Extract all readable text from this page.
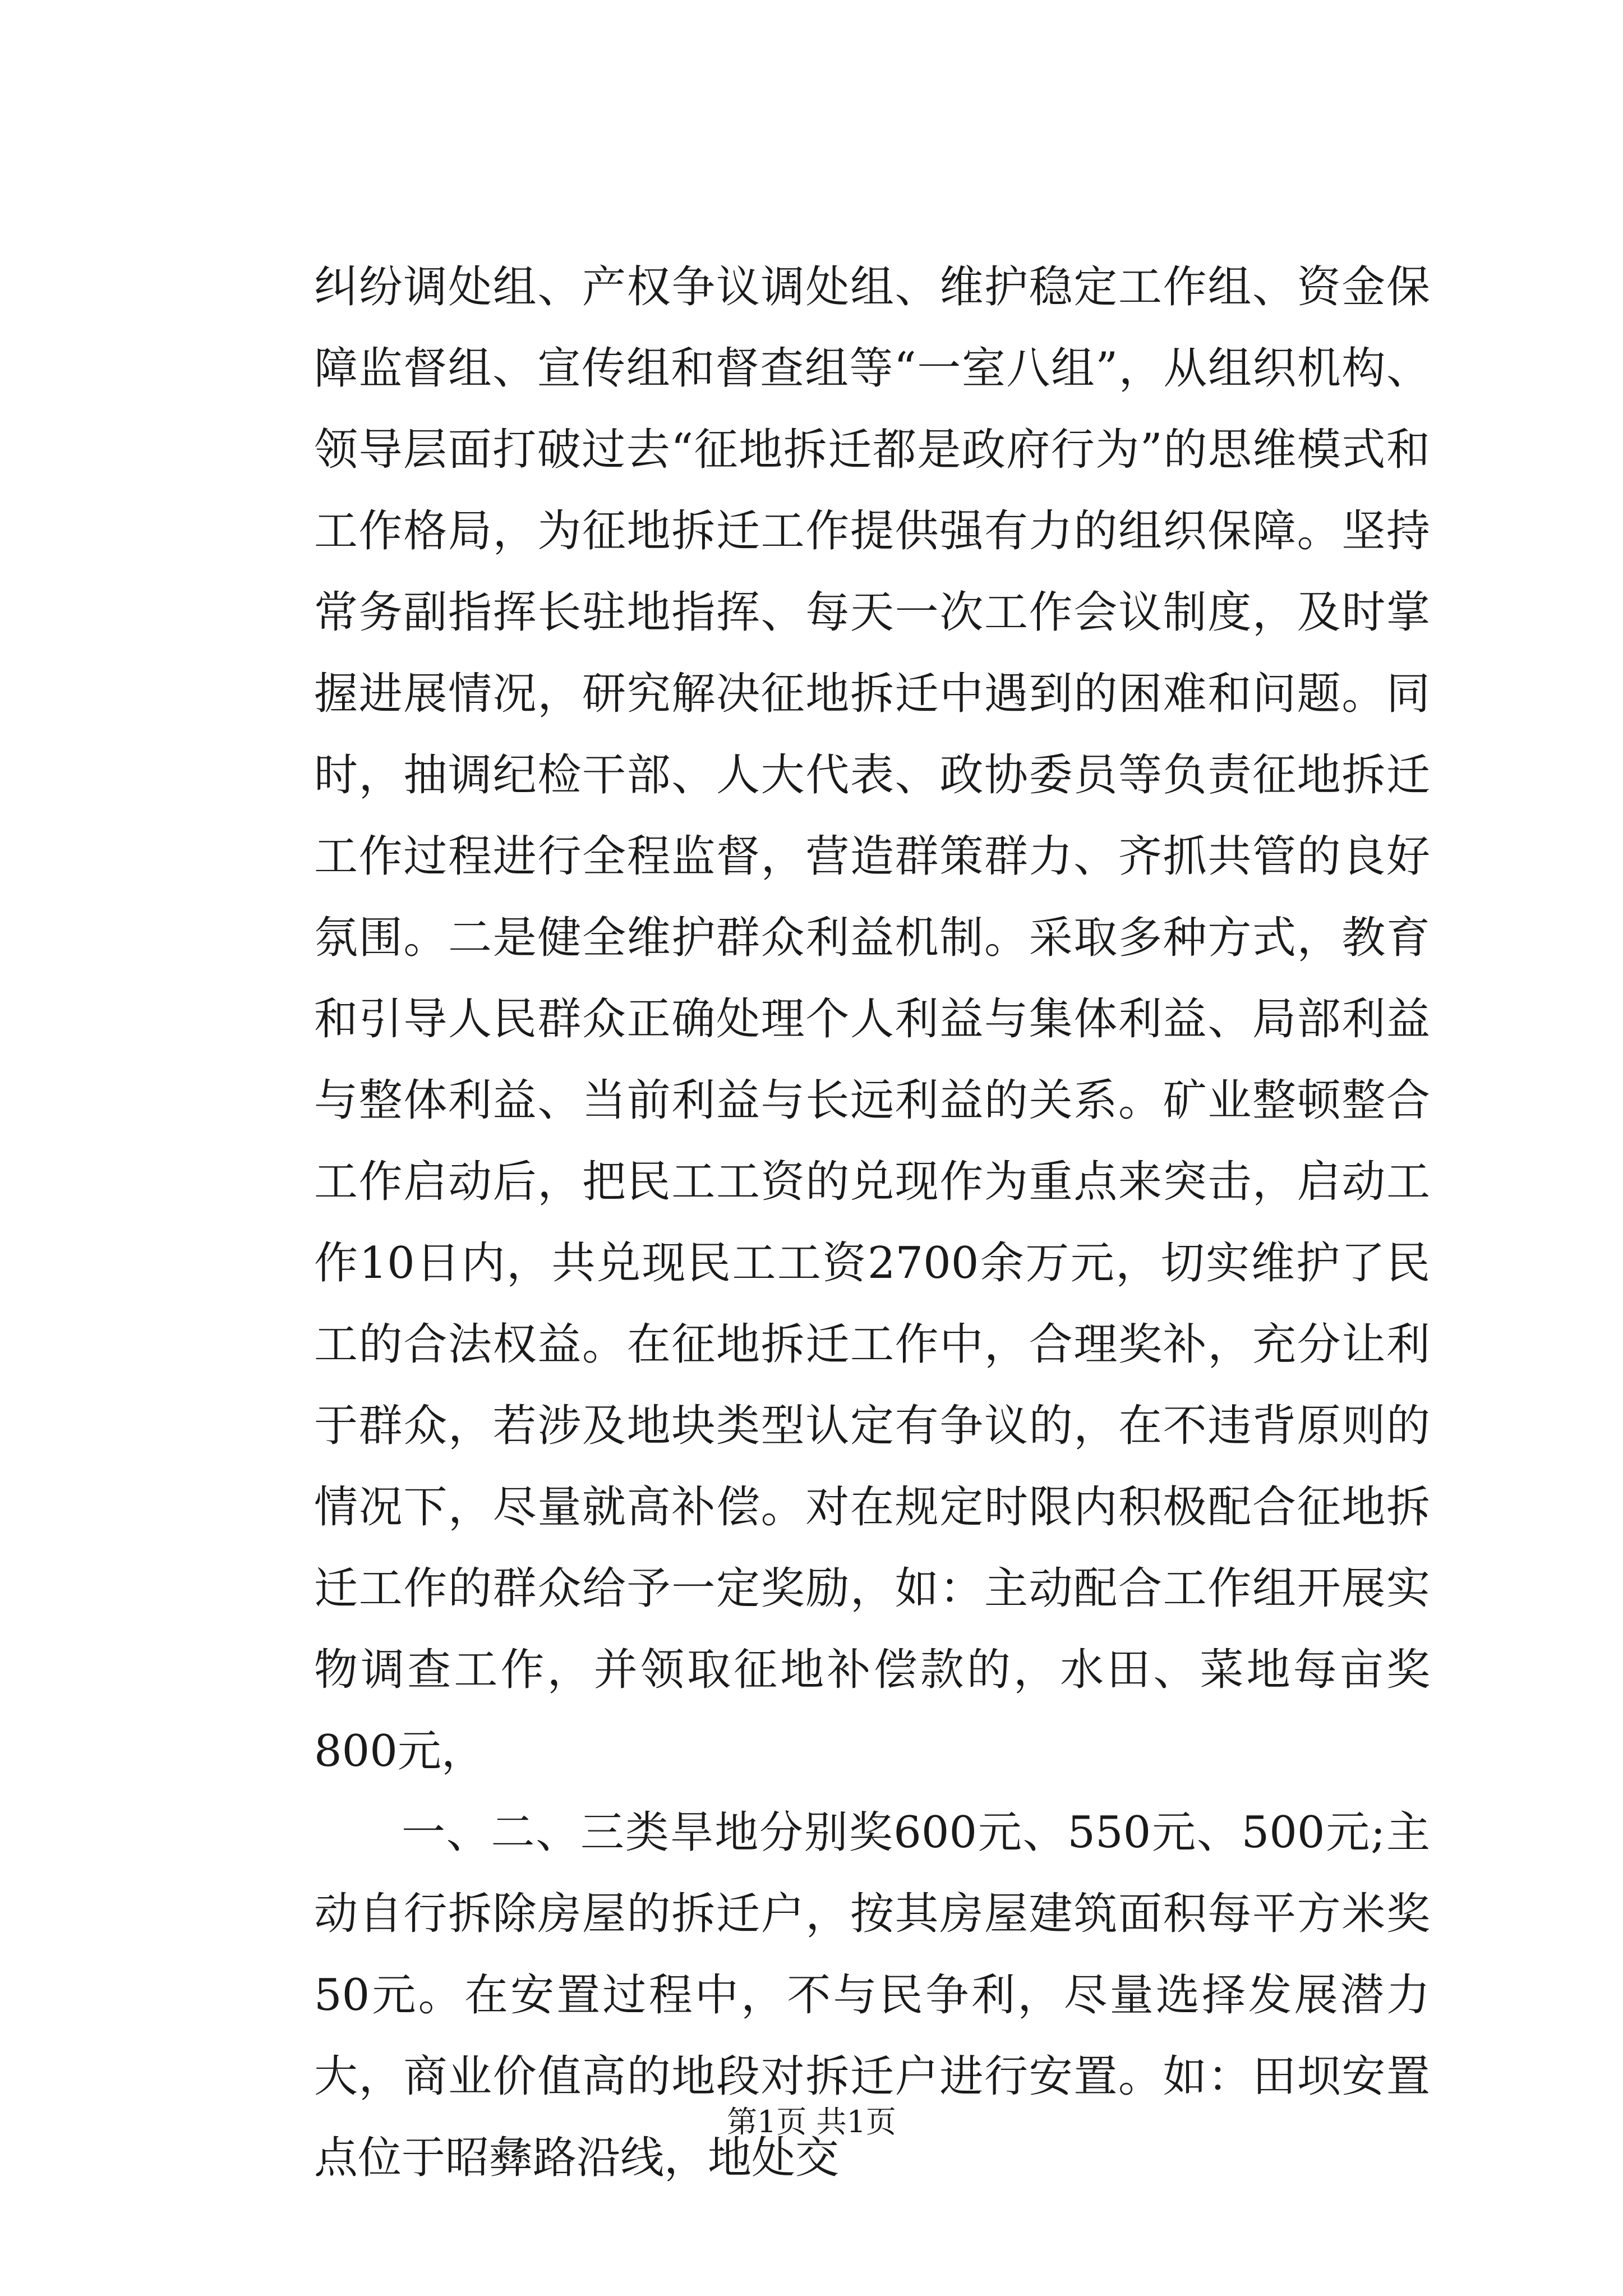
纠纷调处组、产权争议调处组、维护稳定工作组、资金保障监督组、宣传组和督查组等“一室八组”，从组织机构、领导层面打破过去“征地拆迁都是政府行为”的思维模式和工作格局，为征地拆迁工作提供强有力的组织保障。坚持常务副指挥长驻地指挥、每天一次工作会议制度，及时掌握进展情况，研究解决征地拆迁中遇到的困难和问题。同时，抽调纪检干部、人大代表、政协委员等负责征地拆迁工作过程进行全程监督，营造群策群力、齐抓共管的良好氛围。二是健全维护群众利益机制。采取多种方式，教育和引导人民群众正确处理个人利益与集体利益、局部利益与整体利益、当前利益与长远利益的关系。矿业整顿整合工作启动后，把民工工资的兑现作为重点来突击，启动工作10日内，共兑现民工工资2700余万元，切实维护了民工的合法权益。在征地拆迁工作中，合理奖补，充分让利于群众，若涉及地块类型认定有争议的，在不违背原则的情况下，尽量就高补偿。对在规定时限内积极配合征地拆迁工作的群众给予一定奖励，如：主动配合工作组开展实物调查工作，并领取征地补偿款的，水田、菜地每亩奖800元，

一、二、三类旱地分别奖600元、550元、500元;主动自行拆除房屋的拆迁户，按其房屋建筑面积每平方米奖50元。在安置过程中，不与民争利，尽量选择发展潜力大，商业价值高的地段对拆迁户进行安置。如：田坝安置点位于昭彝路沿线，地处交

第1页 共1页
